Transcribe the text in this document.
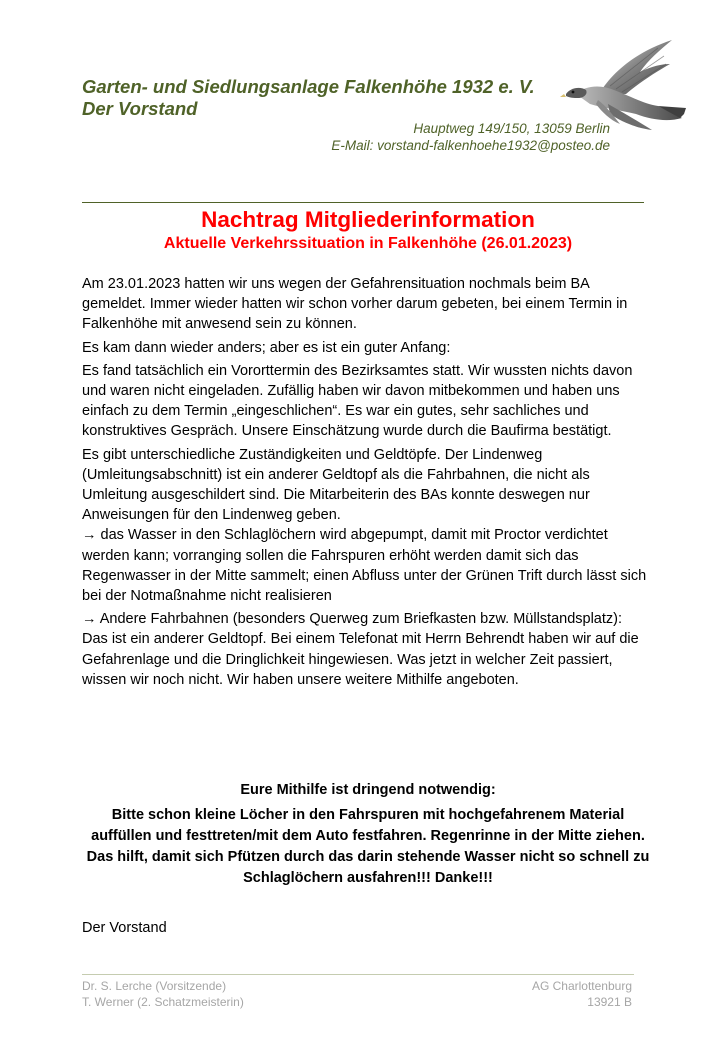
Garten- und Siedlungsanlage Falkenhöhe 1932 e. V.
Der Vorstand
Hauptweg 149/150, 13059 Berlin
E-Mail: vorstand-falkenhoehe1932@posteo.de
Nachtrag Mitgliederinformation
Aktuelle Verkehrssituation in Falkenhöhe (26.01.2023)

Am 23.01.2023 hatten wir uns wegen der Gefahrensituation nochmals beim BA gemeldet. Immer wieder hatten wir schon vorher darum gebeten, bei einem Termin in Falkenhöhe mit anwesend sein zu können.

Es kam dann wieder anders; aber es ist ein guter Anfang:

Es fand tatsächlich ein Vororttermin des Bezirksamtes statt. Wir wussten nichts davon und waren nicht eingeladen. Zufällig haben wir davon mitbekommen und haben uns einfach zu dem Termin „eingeschlichen“. Es war ein gutes, sehr sachliches und konstruktives Gespräch. Unsere Einschätzung wurde durch die Baufirma bestätigt.

Es gibt unterschiedliche Zuständigkeiten und Geldtöpfe. Der Lindenweg (Umleitungsabschnitt) ist ein anderer Geldtopf als die Fahrbahnen, die nicht als Umleitung ausgeschildert sind. Die Mitarbeiterin des BAs konnte deswegen nur Anweisungen für den Lindenweg geben.

→ das Wasser in den Schlaglöchern wird abgepumpt, damit mit Proctor verdichtet werden kann; vorranging sollen die Fahrspuren erhöht werden damit sich das Regenwasser in der Mitte sammelt; einen Abfluss unter der Grünen Trift durch lässt sich bei der Notmaßnahme nicht realisieren

→ Andere Fahrbahnen (besonders Querweg zum Briefkasten bzw. Müllstandsplatz): Das ist ein anderer Geldtopf. Bei einem Telefonat mit Herrn Behrendt haben wir auf die Gefahrenlage und die Dringlichkeit hingewiesen. Was jetzt in welcher Zeit passiert, wissen wir noch nicht. Wir haben unsere weitere Mithilfe angeboten.

Eure Mithilfe ist dringend notwendig:

Bitte schon kleine Löcher in den Fahrspuren mit hochgefahrenem Material auffüllen und festtreten/mit dem Auto festfahren. Regenrinne in der Mitte ziehen. Das hilft, damit sich Pfützen durch das darin stehende Wasser nicht so schnell zu Schlaglöchern ausfahren!!! Danke!!!

Der Vorstand
Dr. S. Lerche (Vorsitzende)
T. Werner (2. Schatzmeisterin)
AG Charlottenburg
13921 B
